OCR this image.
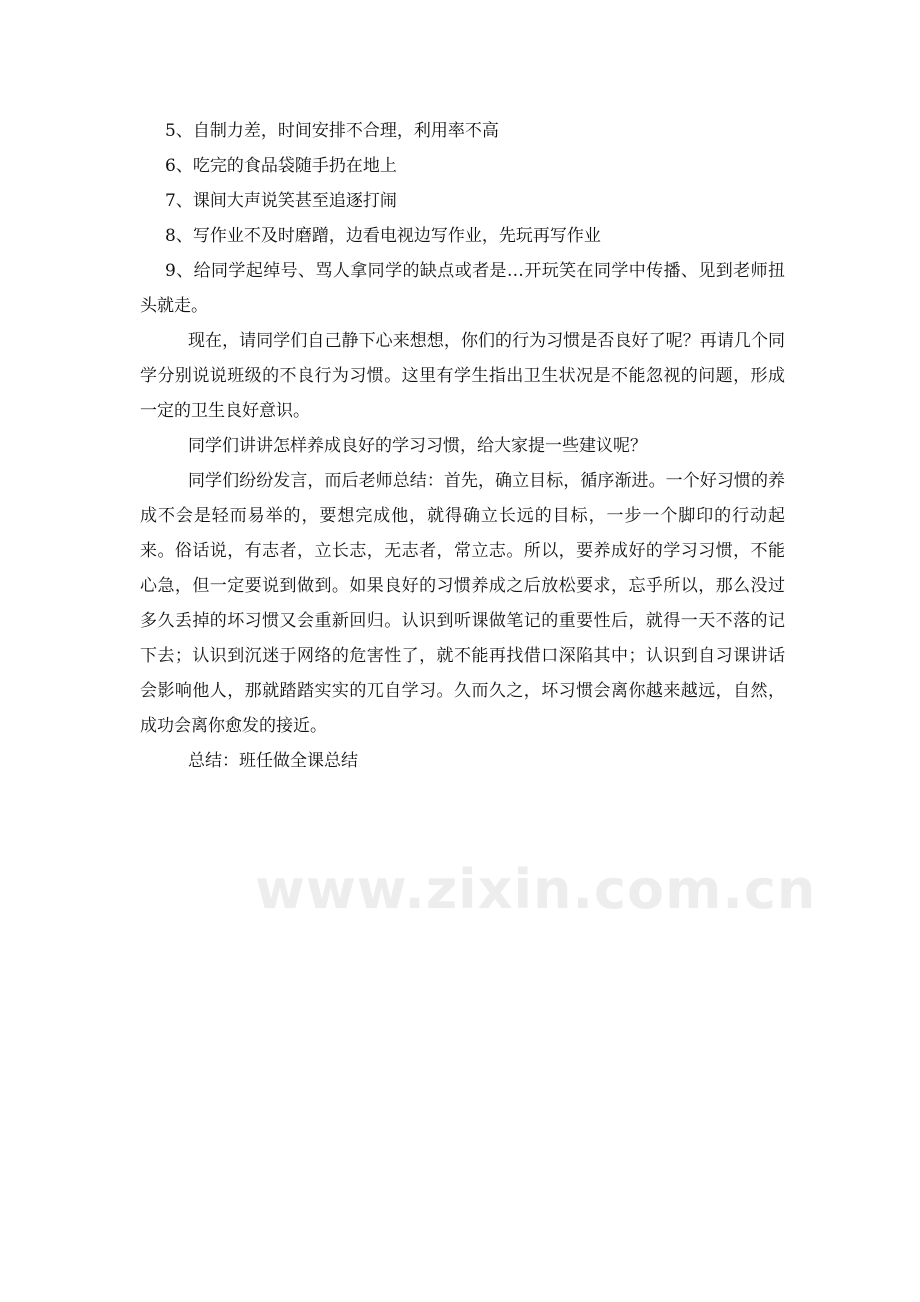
5、自制力差，时间安排不合理，利用率不高

6、吃完的食品袋随手扔在地上

7、课间大声说笑甚至追逐打闹

8、写作业不及时磨蹭，边看电视边写作业，先玩再写作业

9、给同学起绰号、骂人拿同学的缺点或者是…开玩笑在同学中传播、见到老师扭头就走。

现在，请同学们自己静下心来想想，你们的行为习惯是否良好了呢？再请几个同学分别说说班级的不良行为习惯。这里有学生指出卫生状况是不能忽视的问题，形成一定的卫生良好意识。

同学们讲讲怎样养成良好的学习习惯，给大家提一些建议呢？

同学们纷纷发言，而后老师总结：首先，确立目标，循序渐进。一个好习惯的养成不会是轻而易举的，要想完成他，就得确立长远的目标，一步一个脚印的行动起来。俗话说，有志者，立长志，无志者，常立志。所以，要养成好的学习习惯，不能心急，但一定要说到做到。如果良好的习惯养成之后放松要求，忘乎所以，那么没过多久丢掉的坏习惯又会重新回归。认识到听课做笔记的重要性后，就得一天不落的记下去；认识到沉迷于网络的危害性了，就不能再找借口深陷其中；认识到自习课讲话会影响他人，那就踏踏实实的兀自学习。久而久之，坏习惯会离你越来越远，自然，成功会离你愈发的接近。

总结：班任做全课总结

www.zixin.com.cn
